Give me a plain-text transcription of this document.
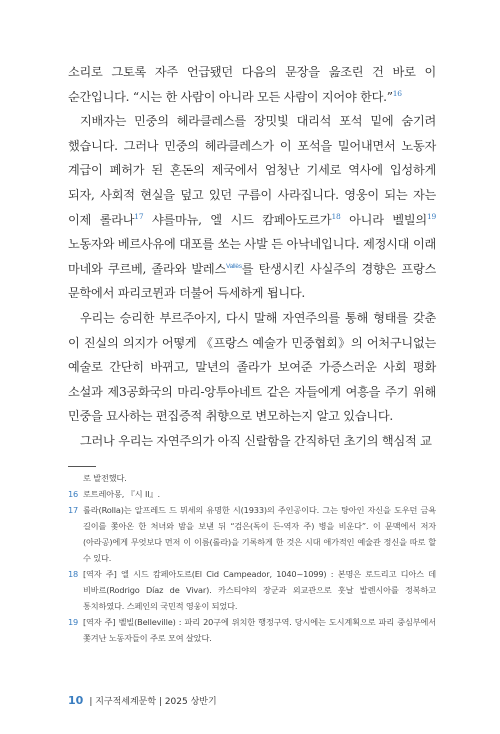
소리로 그토록 자주 언급됐던 다음의 문장을 읊조린 건 바로 이 순간입니다. “시는 한 사람이 아니라 모든 사람이 지어야 한다.”$^{16}$

지배자는 민중의 헤라클레스를 장밋빛 대리석 포석 밑에 숨기려 했습니다. 그러나 민중의 헤라클레스가 이 포석을 밀어내면서 노동자 계급이 폐허가 된 혼돈의 제국에서 엄청난 기세로 역사에 입성하게 되자, 사회적 현실을 덮고 있던 구름이 사라집니다. 영웅이 되는 자는 이제 롤라나$^{17}$ 샤를마뉴, 엘 시드 캄페아도르가$^{18}$ 아니라 벨빌의$^{19}$ 노동자와 베르사유에 대포를 쏘는 사발 든 아낙네입니다. 제정시대 이래 마네와 쿠르베, 졸라와 발레스$^{Vallès}$를 탄생시킨 사실주의 경향은 프랑스 문학에서 파리코뮌과 더불어 득세하게 됩니다.

우리는 승리한 부르주아지, 다시 말해 자연주의를 통해 형태를 갖춘 이 진실의 의지가 어떻게 《프랑스 예술가 민중협회》의 어처구니없는 예술로 간단히 바뀌고, 말년의 졸라가 보여준 가증스러운 사회 평화 소설과 제3공화국의 마리-앙투아네트 같은 자들에게 여흥을 주기 위해 민중을 묘사하는 편집증적 취향으로 변모하는지 알고 있습니다.

그러나 우리는 자연주의가 아직 신랄함을 간직하던 초기의 핵심적 교

로 발전했다.
16 로트레아몽, 『시 II』.
17 롤라(Rolla)는 알프레드 드 뮈세의 유명한 시(1933)의 주인공이다. 그는 탕아인 자신을 도우던 금욕 길이를 쫓아온 한 처녀와 밤을 보낸 뒤 “검은(독이 든-역자 주) 병을 비운다”. 이 문맥에서 저자(아라공)에게 무엇보다 먼저 이 이름(롤라)을 기록하게 한 것은 시대 애가적인 예술관 정신을 따로 할 수 있다.
18 [역자 주] 엘 시드 캄페아도르(El Cid Campeador, 1040~1099) : 본명은 로드리고 디아스 데 비바르(Rodrigo Díaz de Vivar). 카스티야의 장군과 외교관으로 훗날 발렌시아를 정복하고 통치하였다. 스페인의 국민적 영웅이 되었다.
19 [역자 주] 벨빌(Belleville) : 파리 20구에 위치한 행정구역. 당시에는 도시계획으로 파리 중심부에서 쫓겨난 노동자들이 주로 모여 살았다.
10 | 지구적세계문학 | 2025 상반기
